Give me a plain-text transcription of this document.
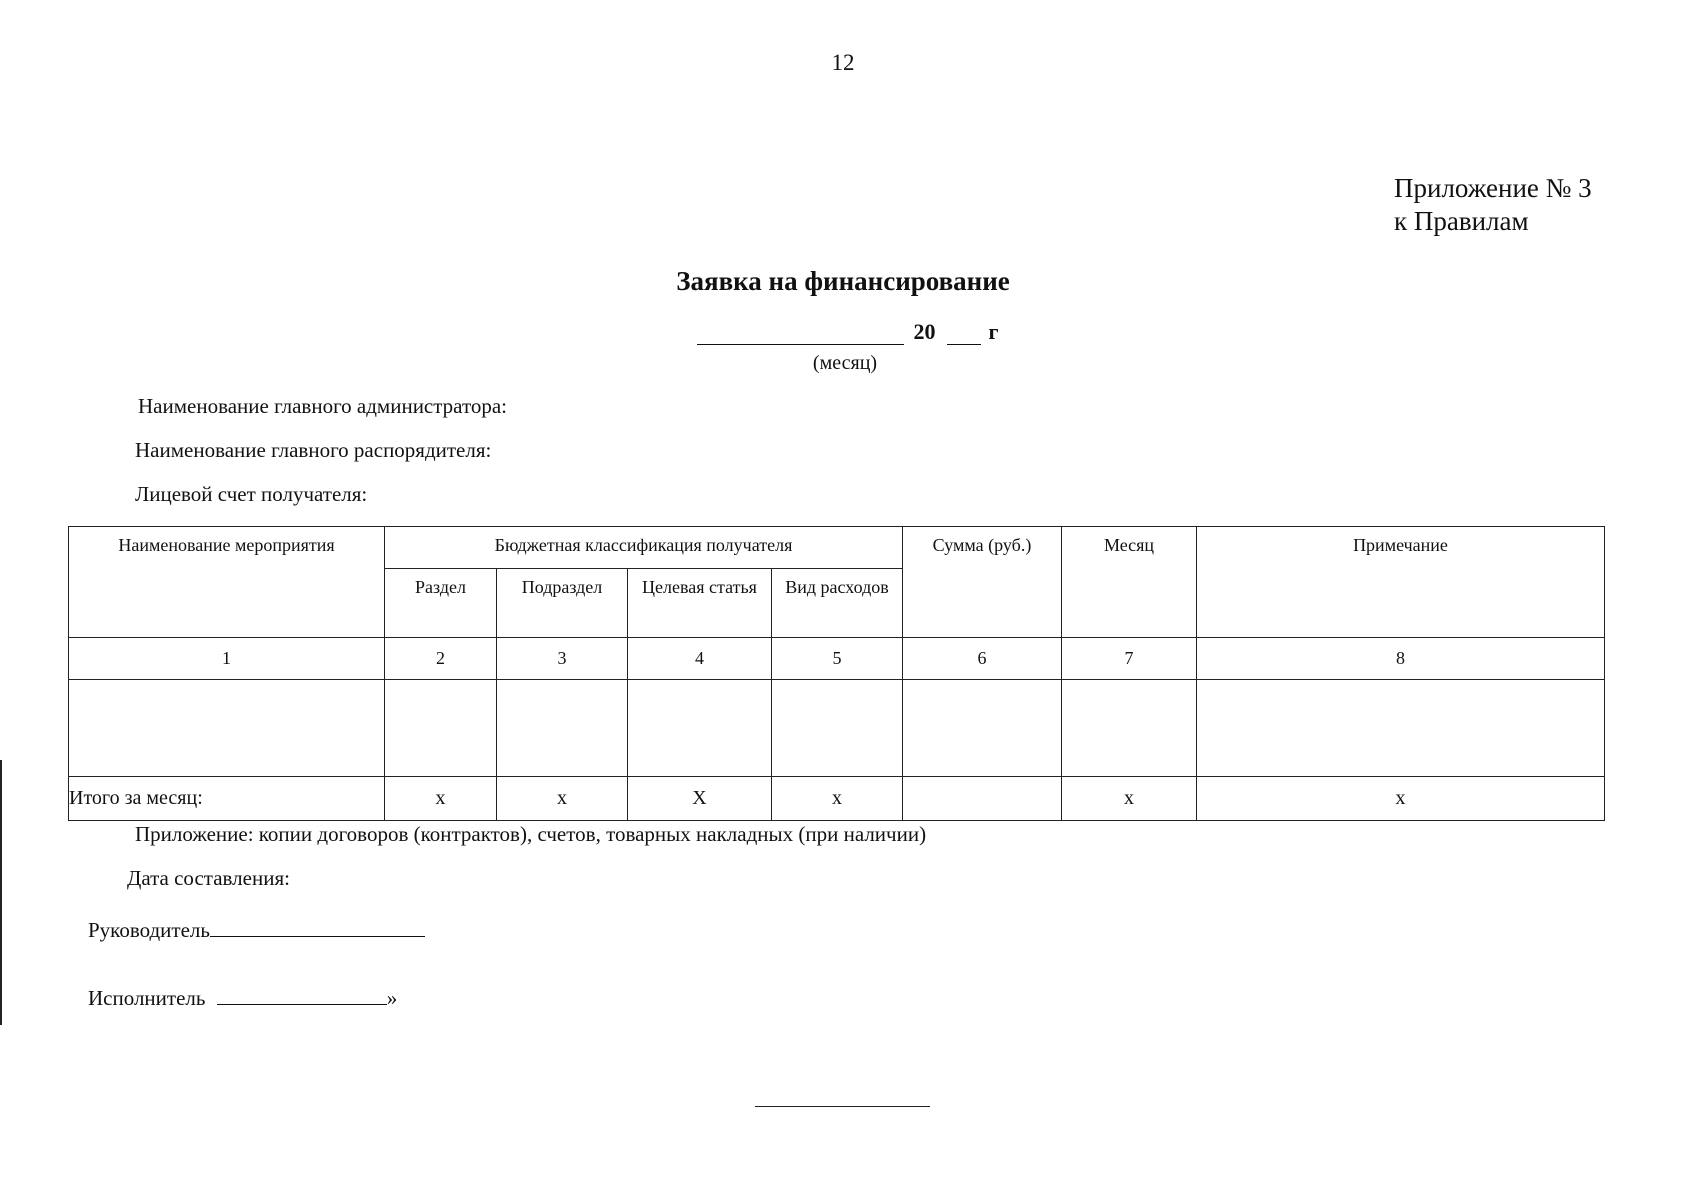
12
Приложение № 3
к Правилам
Заявка на финансирование
20 г
(месяц)
Наименование главного администратора:
Наименование главного распорядителя:
Лицевой счет получателя:
Наименование мероприятия	Бюджетная классификация получателя				Сумма (руб.)	Месяц	Примечание
	Раздел	Подраздел	Целевая статья	Вид расходов			
1	2	3	4	5	6	7	8

Итого за месяц:	x	x	X	x		x	x
Приложение: копии договоров (контрактов), счетов, товарных накладных (при наличии)
Дата составления:
Руководитель
Исполнитель	»
